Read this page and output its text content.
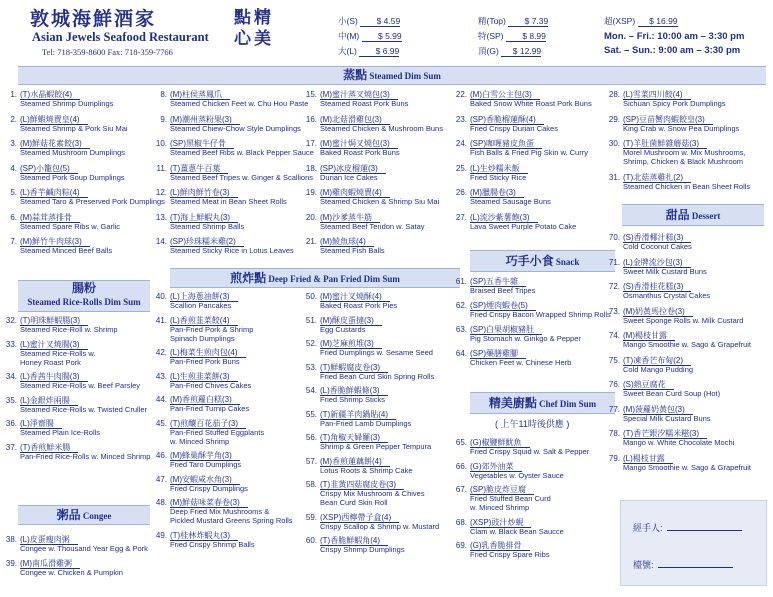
敦城海鮮酒家
Asian Jewels Seafood Restaurant
Tel: 718-359-8600 Fax: 718-359-7766
點精
心美
小(S) $ 4.59
中(M) $ 5.99
大(L) $ 6.99
精(Top) $ 7.39
特(SP) $ 8.99
頂(G) $ 12.99
超(XSP) $ 16.99
Mon. – Fri.: 10:00 am – 3:30 pm
Sat. – Sun.: 9:00 am – 3:30 pm
蒸點 Steamed Dim Sum
1. (T)水晶蝦餃(4)
Steamed Shrimp Dumplings
2. (L)鮮蝦燒賣皇(4)
Steamed Shrimp & Pork Siu Mai
3. (M)鮮菇花素餃(3)
Steamed Mushroom Dumplings
4. (SP)小籠包(5)
Steamed Pork Soup Dumplings
5. (L)香芋鹹肉粽(4)
Steamed Taro & Preserved Pork Dumplings
6. (M)蒜茸蒸排骨
Steamed Spare Ribs w. Garlic
7. (M)鮮竹牛肉球(3)
Steamed Minced Beef Balls
腸粉
Steamed Rice-Rolls Dim Sum
32. (T)明珠鮮蝦腸(3)
Steamed Rice-Roll w. Shrimp
33. (L)蜜汁叉燒腸(3)
Steamed Rice-Rolls w.
Honey Roast Pork
34. (L)香茜牛肉腸(3)
Steamed Rice-Rolls w. Beef Parsley
35. (L)金銀炸兩腸
Steamed Rice-Rolls w. Twisted Cruller
36. (L)淨齋腸
Steamed Plain Ice-Rolls
37. (T)香煎鮮米腸
Pan-Fried Rice-Rolls w. Minced Shrimp
粥品 Congee
38. (L)皮蛋瘦肉粥
Congee w. Thousand Year Egg & Pork
39. (M)南瓜滑雞粥
Congee w. Chicken & Pumpkin
8. (M)柱侯蒸鳳爪
Steamed Chicken Feet w. Chu Hou Paste
9. (M)潮州蒸粉果(3)
Steamed Chiew-Chow Style Dumplings
10. (SP)黑椒牛仔骨
Steamed Beef Ribs w. Black Pepper Sauce
11. (T)薑蔥牛百葉
Steamed Beef Tripes w. Ginger & Scallions
12. (L)鮮肉鮮竹卷(3)
Steamed Meat in Bean Sheet Rolls
13. (T)海上鮮蝦丸(3)
Steamed Shrimp Balls
14. (SP)珍珠糯米雞(2)
Steamed Sticky Rice in Lotus Leaves
煎炸點 Deep Fried & Pan Fried Dim Sum
40. (L)上海蔥油餅(3)
Scallion Pancakes
41. (L)香煎韮菜餃(4)
Pan-Fried Pork & Shrimp
Spinach Dumplings
42. (L)梅菜生煎肉包(4)
Pan-Fried Pork Buns
43. (L)生煎韭菜餅(3)
Pan-Fried Chives Cakes
44. (M)香煎蘿白糕(3)
Pan-Fried Turnip Cakes
45. (T)煎釀百花茄子(3)
Pan-Fried Stuffed Eggplants
w. Minced Shrimp
46. (M)蜂巢酥芋角(3)
Fried Taro Dumplings
47. (M)安蝦咸水角(3)
Fried Crispy Dumplings
48. (M)鮮菇味菜春卷(3)
Deep Fried Mix Mushrooms &
Pickled Mustard Greens Spring Rolls
49. (T)桂林炸蝦丸(3)
Fried Crispy Shrimp Balls
15. (M)蜜汁蒸叉燒包(3)
Steamed Roast Pork Buns
16. (M)北菇滑雞包(3)
Steamed Chicken & Mushroom Buns
17. (M)蜜汁焗叉燒包(3)
Baked Roast Pork Buns
18. (SP)冰皮榴蓮(3)
Durian Ice Cakes
19. (M)雞肉蝦燒賣(4)
Steamed Chicken & Shrimp Siu Mai
20. (M)沙爹蒸牛筋
Steamed Beef Tendon w. Satay
21. (M)鯪魚球(4)
Steamed Fish Balls
50. (M)蜜汁叉燒酥(4)
Baked Roast Pork Pies
51. (M)酥皮蛋撻(3)
Egg Custards
52. (M)芝麻煎堆(3)
Fried Dumplings w. Sesame Seed
53. (T)鮮蝦腐皮卷(3)
Fried Bean Curd Skin Spring Rolls
54. (L)香脆鮮蝦條(3)
Fried Shrimp Sticks
55. (T)新疆羊肉鍋貼(4)
Pan-Fried Lamb Dumplings
56. (T)角椒天婦羅(3)
Shrimp & Green Pepper Tempura
57. (M)香煎蓮藕餅(4)
Lotus Roots & Shrimp Cake
58. (T)韭黃四菇腐皮卷(3)
Crispy Mix Mushroom & Chives
Bean Curd Skin Roll
59. (XSP)西檸帶子盒(4)
Crispy Scallop & Shrimp w. Mustard
60. (T)香脆鮮蝦角(4)
Crispy Shrimp Dumplings
22. (M)白雪公主包(3)
Baked Snow White Roast Pork Buns
23. (SP)香脆榴蓮酥(4)
Fried Crispy Durian Cakes
24. (SP)咖喱豬皮魚蛋
Fish Balls & Fried Pig Skin w. Curry
25. (L)生炒糯米飯
Fried Sticky Rice
26. (M)臘腸卷(3)
Steamed Sausage Buns
27. (L)流沙紫薯飽(3)
Lava Sweet Purple Potato Cake
巧手小食 Snack
61. (SP)五香牛雜
Braised Beef Tripes
62. (SP)煙肉蝦卷(5)
Fried Crispy Bacon Wrapped Shrimp Rolls
63. (SP)白果胡椒豬肚
Pig Stomach w. Ginkgo & Pepper
64. (SP)藥膳雞腳
Chicken Feet w. Chinese Herb
精美廚點 Chef Dim Sum
( 上午11時後供應 )
65. (G)椒鹽鮮魷魚
Fried Crispy Squid w. Salt & Pepper
66. (G)郊外油菜
Vegetables w. Oyster Sauce
67. (SP)脆皮炸豆腐
Fried Stuffed Bean Curd
w. Minced Shrimp
68. (XSP)豉汁炒蜆
Clam w. Black Bean Saucce
69. (G)乳香脆排骨
Fried Crispy Spare Ribs
28. (L)雪菜四川餃(4)
Sichuan Spicy Pork Dumplings
29. (SP)豆苗蟹肉蝦餃皇(3)
King Crab w. Snow Pea Dumplings
30. (T)羊肚菌鮮雜蘑菇(3)
Morel Mushroom w. Mix Mushrooms,
Shrimp, Chicken & Black Mushroom
31. (T)北菇蒸雞扎(2)
Steamed Chicken in Bean Sheet Rolls
甜品 Dessert
70. (S)香滑椰汁糕(3)
Cold Coconut Cakes
71. (L)金牌流沙包(3)
Sweet Milk Custard Buns
72. (S)香滑桂花糕(3)
Osmanthus Crystal Cakes
73. (M)奶黃馬拉卷(3)
Sweet Sponge Rolls w. Milk Custard
74. (M)楊枝甘露
Mango Smoothie w. Sago & Grapefruit
75. (T)凍香芒布甸(2)
Cold Mango Pudding
76. (S)熱豆腐花
Sweet Bean Curd Soup (Hot)
77. (M)菠蘿奶黃包(3)
Special Milk Custard Buns
78. (T)香芒銀汐糯米糍(3)
Mango w. White Chocolate Mochi
79. (L)楊枝甘露
Mango Smoothie w. Sago & Grapefruit
經手人:
檯號:
